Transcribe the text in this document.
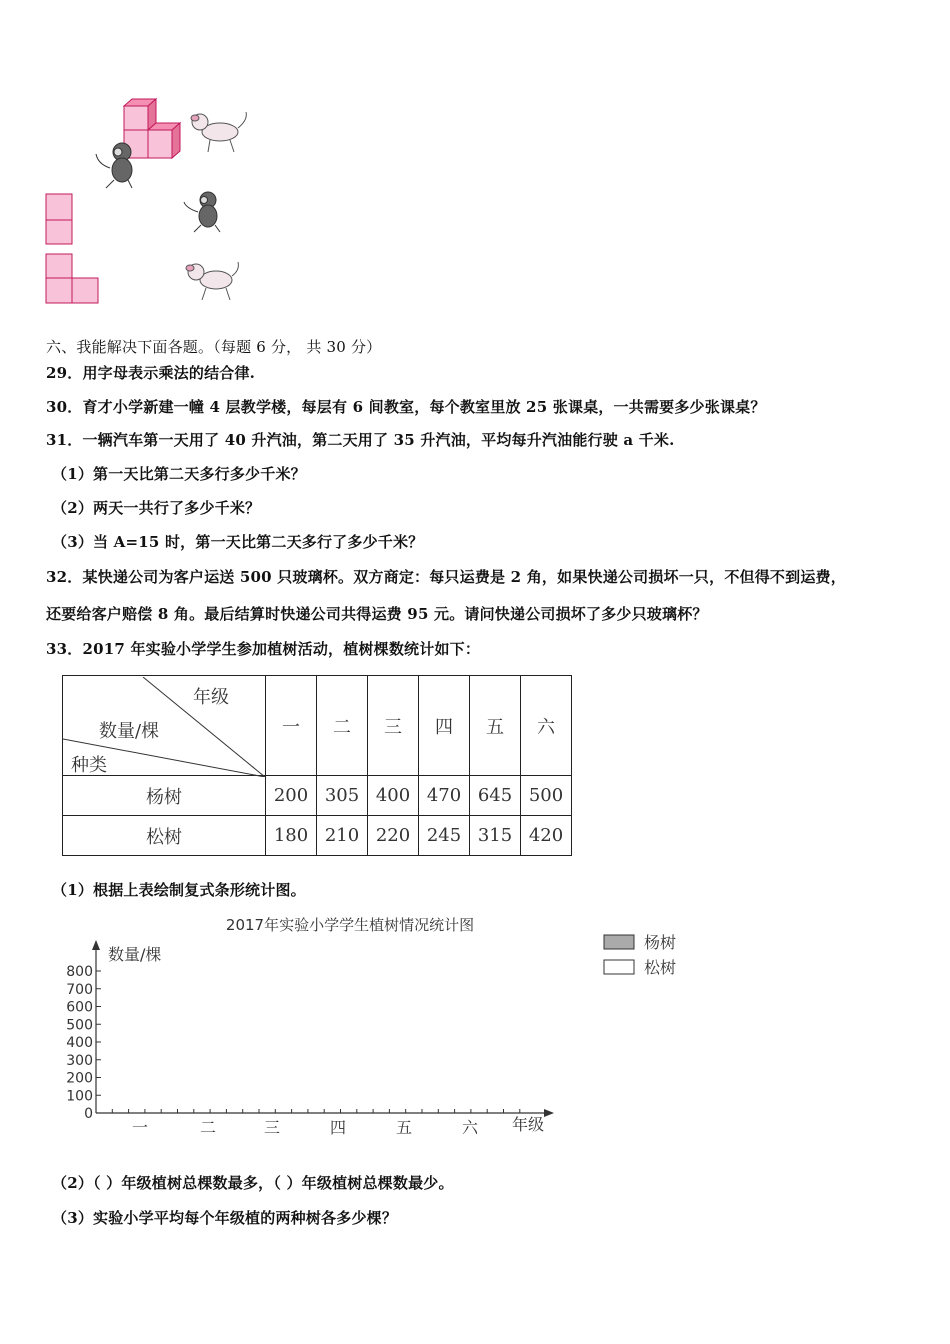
六、我能解决下面各题。（每题 6 分， 共 30 分）
29．用字母表示乘法的结合律.
30．育才小学新建一幢 4 层教学楼，每层有 6 间教室，每个教室里放 25 张课桌，一共需要多少张课桌？
31．一辆汽车第一天用了 40 升汽油，第二天用了 35 升汽油，平均每升汽油能行驶 a 千米.
（1）第一天比第二天多行多少千米？
（2）两天一共行了多少千米？
（3）当 A=15 时，第一天比第二天多行了多少千米？
32．某快递公司为客户运送 500 只玻璃杯。双方商定：每只运费是 2 角，如果快递公司损坏一只，不但得不到运费，
还要给客户赔偿 8 角。最后结算时快递公司共得运费 95 元。请问快递公司损坏了多少只玻璃杯？
33．2017 年实验小学学生参加植树活动，植树棵数统计如下：
年级
数量/棵
种类	一	二	三	四	五	六
杨树	200	305	400	470	645	500
松树	180	210	220	245	315	420
（1）根据上表绘制复式条形统计图。
2017年实验小学学生植树情况统计图
数量/棵
年级
0
100
200
300
400
500
600
700
800
一	二	三	四	五	六
杨树
松树
（2）（ ）年级植树总棵数最多，（ ）年级植树总棵数最少。
（3）实验小学平均每个年级植的两种树各多少棵？
